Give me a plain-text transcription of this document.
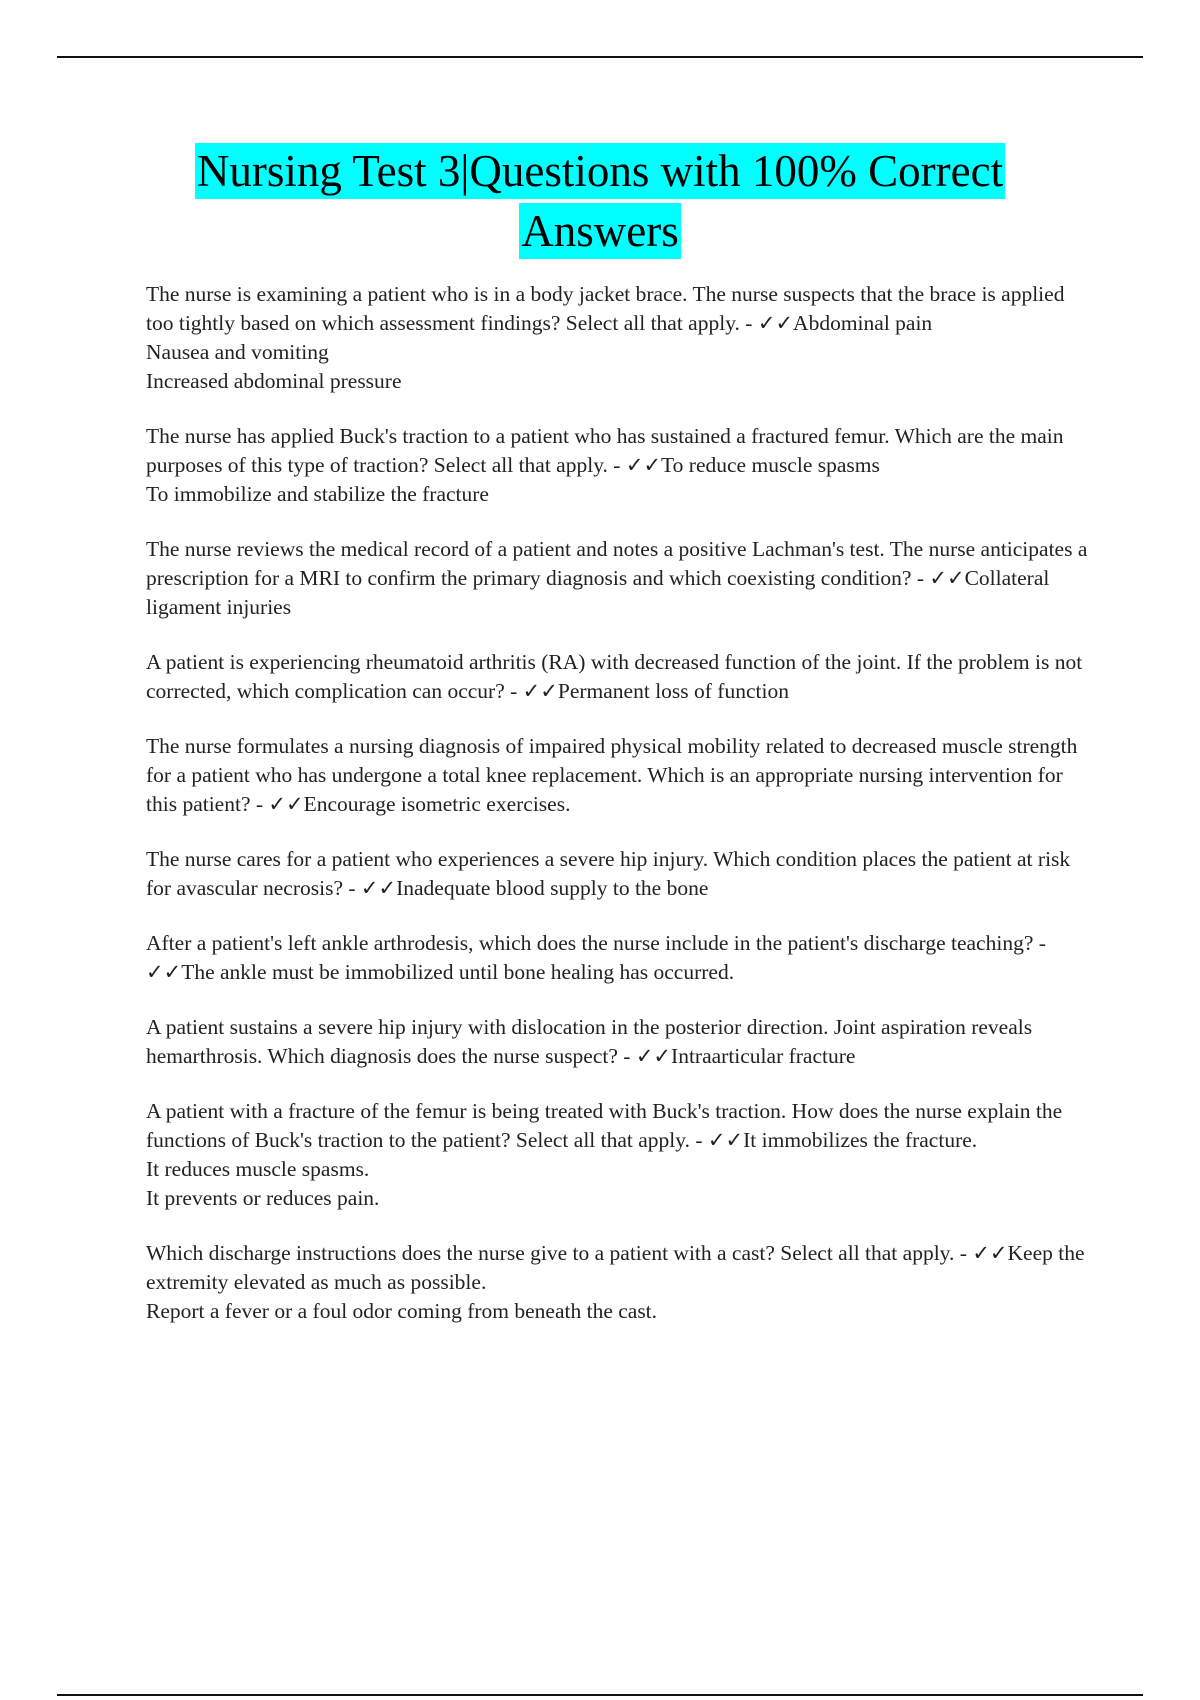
Nursing Test 3|Questions with 100% Correct
Answers
The nurse is examining a patient who is in a body jacket brace. The nurse suspects that the brace is applied too tightly based on which assessment findings? Select all that apply. - ✓✓Abdominal pain
Nausea and vomiting
Increased abdominal pressure
The nurse has applied Buck's traction to a patient who has sustained a fractured femur. Which are the main purposes of this type of traction? Select all that apply. - ✓✓To reduce muscle spasms
To immobilize and stabilize the fracture
The nurse reviews the medical record of a patient and notes a positive Lachman's test. The nurse anticipates a prescription for a MRI to confirm the primary diagnosis and which coexisting condition? - ✓✓Collateral ligament injuries
A patient is experiencing rheumatoid arthritis (RA) with decreased function of the joint. If the problem is not corrected, which complication can occur? - ✓✓Permanent loss of function
The nurse formulates a nursing diagnosis of impaired physical mobility related to decreased muscle strength for a patient who has undergone a total knee replacement. Which is an appropriate nursing intervention for this patient? - ✓✓Encourage isometric exercises.
The nurse cares for a patient who experiences a severe hip injury. Which condition places the patient at risk for avascular necrosis? - ✓✓Inadequate blood supply to the bone
After a patient's left ankle arthrodesis, which does the nurse include in the patient's discharge teaching? - ✓✓The ankle must be immobilized until bone healing has occurred.
A patient sustains a severe hip injury with dislocation in the posterior direction. Joint aspiration reveals hemarthrosis. Which diagnosis does the nurse suspect? - ✓✓Intraarticular fracture
A patient with a fracture of the femur is being treated with Buck's traction. How does the nurse explain the functions of Buck's traction to the patient? Select all that apply. - ✓✓It immobilizes the fracture.
It reduces muscle spasms.
It prevents or reduces pain.
Which discharge instructions does the nurse give to a patient with a cast? Select all that apply. - ✓✓Keep the extremity elevated as much as possible.
Report a fever or a foul odor coming from beneath the cast.
